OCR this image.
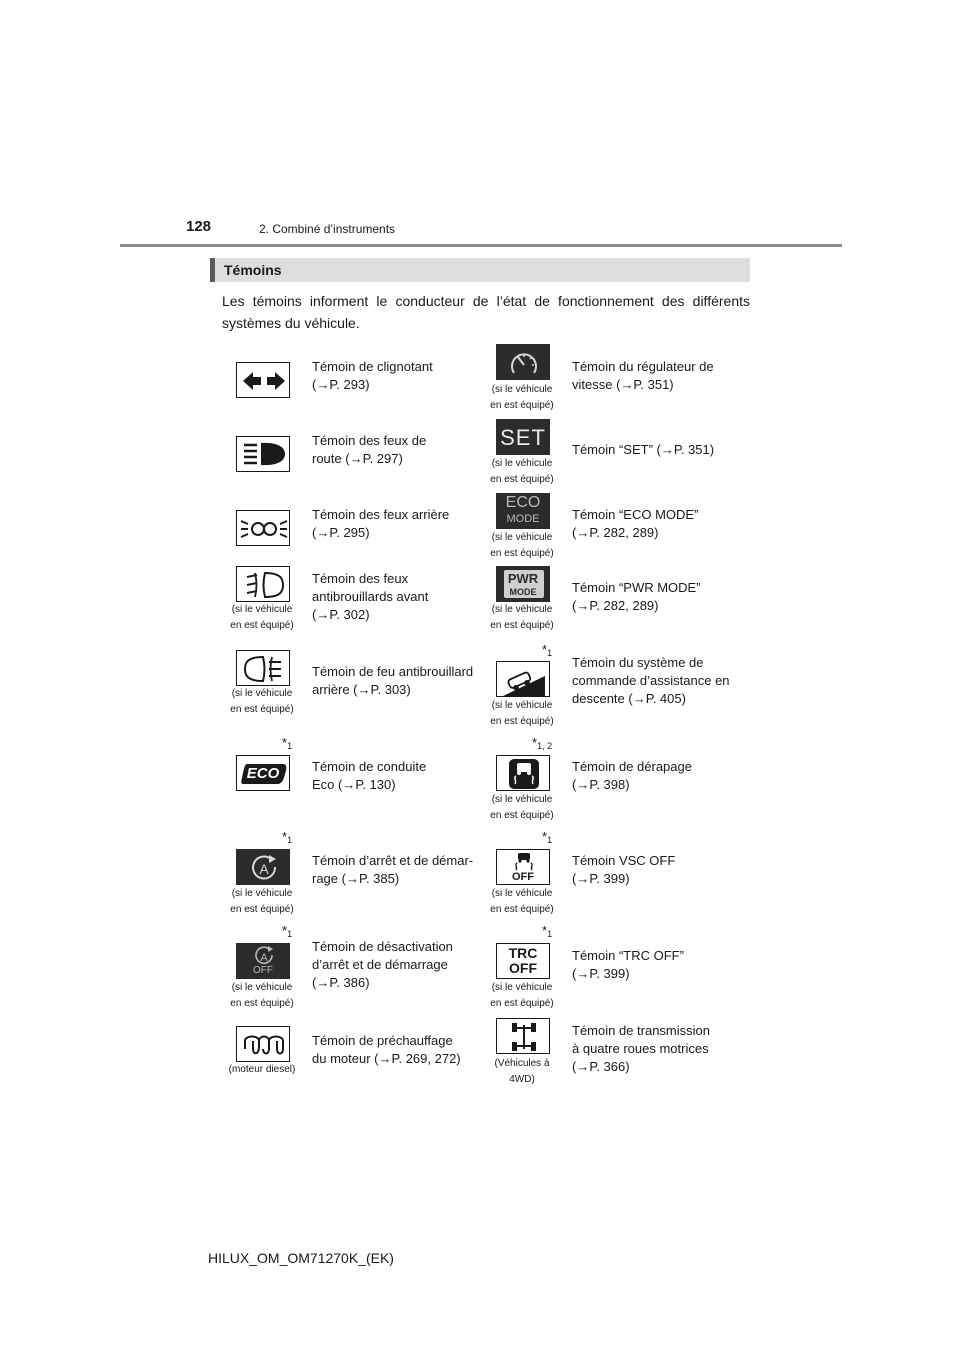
128	2. Combiné d’instruments
Témoins
Les témoins informent le conducteur de l’état de fonctionnement des différents systèmes du véhicule.
Témoin de clignotant
(→P. 293)
Témoin des feux de
route (→P. 297)
Témoin des feux arrière
(→P. 295)
(si le véhicule
en est équipé)
Témoin des feux
antibrouillards avant
(→P. 302)
(si le véhicule
en est équipé)
Témoin de feu antibrouillard
arrière (→P. 303)
$*_1$
ECO	Témoin de conduite
Eco (→P. 130)
$*_1$
A
(si le véhicule
en est équipé)
Témoin d’arrêt et de démar-
rage (→P. 385)
$*_1$
A
OFF
(si le véhicule
en est équipé)
Témoin de désactivation
d’arrêt et de démarrage
(→P. 386)
(moteur diesel)
Témoin de préchauffage
du moteur (→P. 269, 272)
(si le véhicule
en est équipé)
Témoin du régulateur de
vitesse (→P. 351)
SET
(si le véhicule
en est équipé)
Témoin “SET” (→P. 351)
ECO
MODE
(si le véhicule
en est équipé)
Témoin “ECO MODE”
(→P. 282, 289)
PWR
MODE
(si le véhicule
en est équipé)
Témoin “PWR MODE”
(→P. 282, 289)
$*_1$
(si le véhicule
en est équipé)
Témoin du système de
commande d’assistance en
descente (→P. 405)
$*_{1, 2}$
(si le véhicule
en est équipé)
Témoin de dérapage
(→P. 398)
$*_1$
OFF
(si le véhicule
en est équipé)
Témoin VSC OFF
(→P. 399)
$*_1$
TRC
OFF
(si le véhicule
en est équipé)
Témoin “TRC OFF”
(→P. 399)
(Véhicules à
4WD)
Témoin de transmission
à quatre roues motrices
(→P. 366)
HILUX_OM_OM71270K_(EK)
